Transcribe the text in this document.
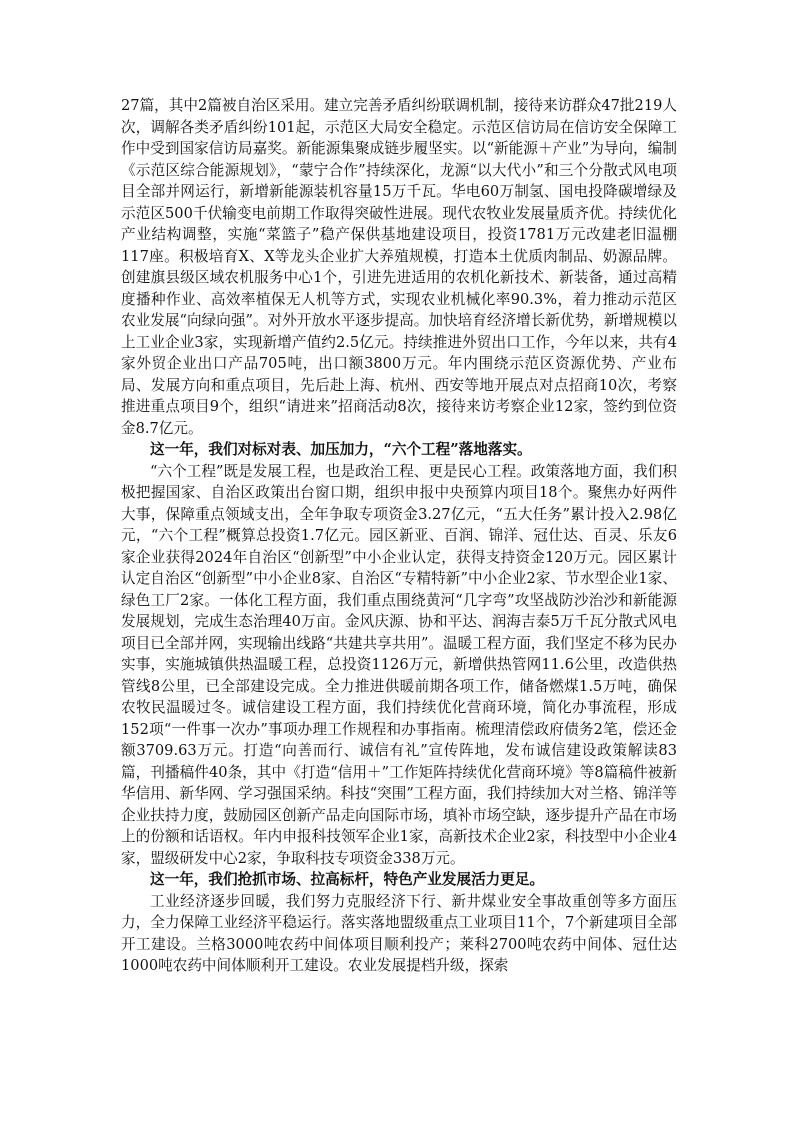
27篇，其中2篇被自治区采用。建立完善矛盾纠纷联调机制，接待来访群众47批219人次，调解各类矛盾纠纷101起，示范区大局安全稳定。示范区信访局在信访安全保障工作中受到国家信访局嘉奖。新能源集聚成链步履坚实。以“新能源＋产业”为导向，编制《示范区综合能源规划》，“蒙宁合作”持续深化，龙源“以大代小”和三个分散式风电项目全部并网运行，新增新能源装机容量15万千瓦。华电60万制氢、国电投降碳增绿及示范区500千伏输变电前期工作取得突破性进展。现代农牧业发展量质齐优。持续优化产业结构调整，实施“菜篮子”稳产保供基地建设项目，投资1781万元改建老旧温棚117座。积极培育X、X等龙头企业扩大养殖规模，打造本土优质肉制品、奶源品牌。创建旗县级区域农机服务中心1个，引进先进适用的农机化新技术、新装备，通过高精度播种作业、高效率植保无人机等方式，实现农业机械化率90.3%，着力推动示范区农业发展“向绿向强”。对外开放水平逐步提高。加快培育经济增长新优势，新增规模以上工业企业3家，实现新增产值约2.5亿元。持续推进外贸出口工作，今年以来，共有4家外贸企业出口产品705吨，出口额3800万元。年内围绕示范区资源优势、产业布局、发展方向和重点项目，先后赴上海、杭州、西安等地开展点对点招商10次，考察推进重点项目9个，组织“请进来”招商活动8次，接待来访考察企业12家，签约到位资金8.7亿元。

这一年，我们对标对表、加压加力，“六个工程”落地落实。

“六个工程”既是发展工程，也是政治工程、更是民心工程。政策落地方面，我们积极把握国家、自治区政策出台窗口期，组织申报中央预算内项目18个。聚焦办好两件大事，保障重点领域支出，全年争取专项资金3.27亿元，“五大任务”累计投入2.98亿元，“六个工程”概算总投资1.7亿元。园区新亚、百润、锦洋、冠仕达、百灵、乐友6家企业获得2024年自治区“创新型”中小企业认定，获得支持资金120万元。园区累计认定自治区“创新型”中小企业8家、自治区“专精特新”中小企业2家、节水型企业1家、绿色工厂2家。一体化工程方面，我们重点围绕黄河“几字弯”攻坚战防沙治沙和新能源发展规划，完成生态治理40万亩。金风庆源、协和平达、润海吉泰5万千瓦分散式风电项目已全部并网，实现输出线路“共建共享共用”。温暖工程方面，我们坚定不移为民办实事，实施城镇供热温暖工程，总投资1126万元，新增供热管网11.6公里，改造供热管线8公里，已全部建设完成。全力推进供暖前期各项工作，储备燃煤1.5万吨，确保农牧民温暖过冬。诚信建设工程方面，我们持续优化营商环境，简化办事流程，形成152项“一件事一次办”事项办理工作规程和办事指南。梳理清偿政府债务2笔，偿还金额3709.63万元。打造“向善而行、诚信有礼”宣传阵地，发布诚信建设政策解读83篇，刊播稿件40条，其中《打造“信用＋”工作矩阵持续优化营商环境》等8篇稿件被新华信用、新华网、学习强国采纳。科技“突围”工程方面，我们持续加大对兰格、锦洋等企业扶持力度，鼓励园区创新产品走向国际市场，填补市场空缺，逐步提升产品在市场上的份额和话语权。年内申报科技领军企业1家，高新技术企业2家，科技型中小企业4家，盟级研发中心2家，争取科技专项资金338万元。

这一年，我们抢抓市场、拉高标杆，特色产业发展活力更足。

工业经济逐步回暖，我们努力克服经济下行、新井煤业安全事故重创等多方面压力，全力保障工业经济平稳运行。落实落地盟级重点工业项目11个，7个新建项目全部开工建设。兰格3000吨农药中间体项目顺利投产；莱科2700吨农药中间体、冠仕达1000吨农药中间体顺利开工建设。农业发展提档升级，探索
